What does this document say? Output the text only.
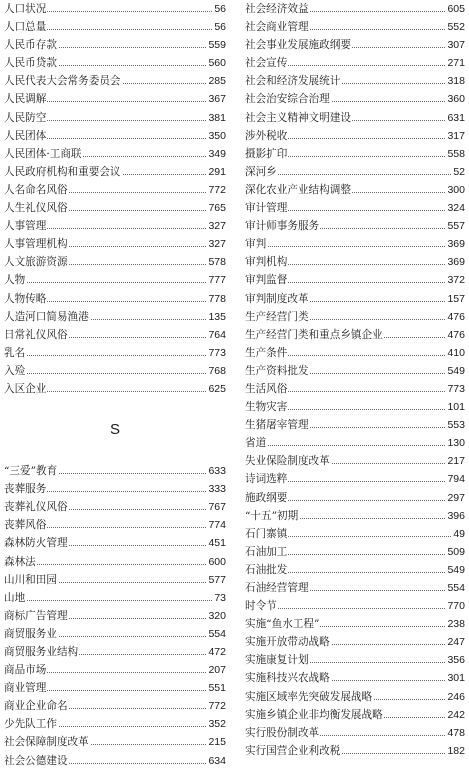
人口状况	56
人口总量	56
人民币存款	559
人民币贷款	560
人民代表大会常务委员会	285
人民调解	367
人民防空	381
人民团体	350
人民团体·工商联	349
人民政府机构和重要会议	291
人名命名风俗	772
人生礼仪风俗	765
人事管理	327
人事管理机构	327
人文旅游资源	578
人物	777
人物传略	778
人造河口简易渔港	135
日常礼仪风俗	764
乳名	773
入殓	768
入区企业	625
S
“三爱”教育	633
丧葬服务	333
丧葬礼仪风俗	767
丧葬风俗	774
森林防火管理	451
森林法	600
山川和田园	577
山地	73
商标广告管理	320
商贸服务业	554
商贸服务业结构	472
商品市场	207
商业管理	551
商业企业命名	772
少先队工作	352
社会保障制度改革	215
社会公德建设	634
社会经济效益	605
社会商业管理	552
社会事业发展施政纲要	307
社会宣传	271
社会和经济发展统计	318
社会治安综合治理	360
社会主义精神文明建设	631
涉外税收	317
摄影扩印	558
深河乡	52
深化农业产业结构调整	300
审计管理	324
审计师事务服务	557
审判	369
审判机构	369
审判监督	372
审判制度改革	157
生产经营门类	476
生产经营门类和重点乡镇企业	476
生产条件	410
生产资料批发	549
生活风俗	773
生物灾害	101
生猪屠宰管理	553
省道	130
失业保险制度改革	217
诗词选粹	794
施政纲要	297
“十五”初期	396
石门寨镇	49
石油加工	509
石油批发	549
石油经营管理	554
时令节	770
实施“鱼水工程”	238
实施开放带动战略	247
实施康复计划	356
实施科技兴农战略	301
实施区域率先突破发展战略	246
实施乡镇企业非均衡发展战略	242
实行股份制改革	478
实行国营企业利改税	182
